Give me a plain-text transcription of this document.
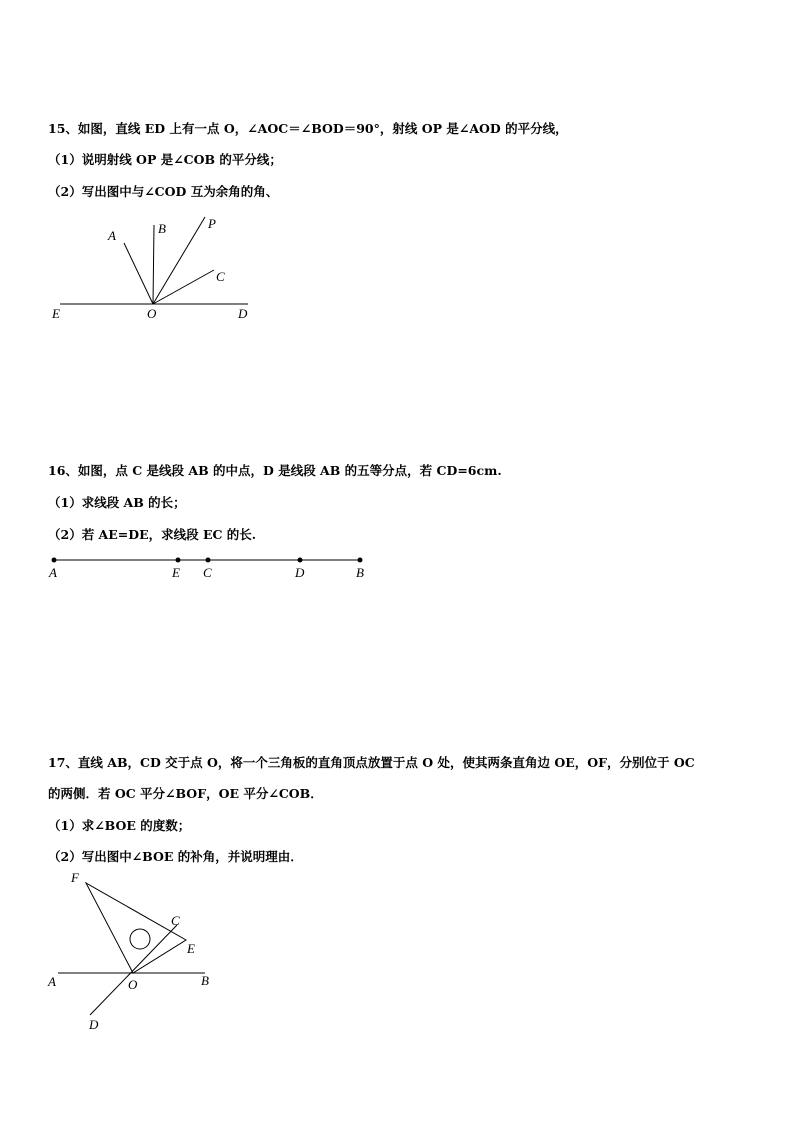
15、如图，直线 ED 上有一点 O，∠AOC＝∠BOD＝90°，射线 OP 是∠AOD 的平分线，
（1）说明射线 OP 是∠COB 的平分线；
（2）写出图中与∠COD 互为余角的角、
A	B	P
C
E	O	D
16、如图，点 C 是线段 AB 的中点，D 是线段 AB 的五等分点，若 CD=6cm.
（1）求线段 AB 的长；
（2）若 AE=DE，求线段 EC 的长.
A	E C	D	B
17、直线 AB，CD 交于点 O，将一个三角板的直角顶点放置于点 O 处，使其两条直角边 OE，OF，分别位于 OC
的两侧．若 OC 平分∠BOF，OE 平分∠COB．
（1）求∠BOE 的度数；
（2）写出图中∠BOE 的补角，并说明理由．
F
C
E
A	O	B
D
